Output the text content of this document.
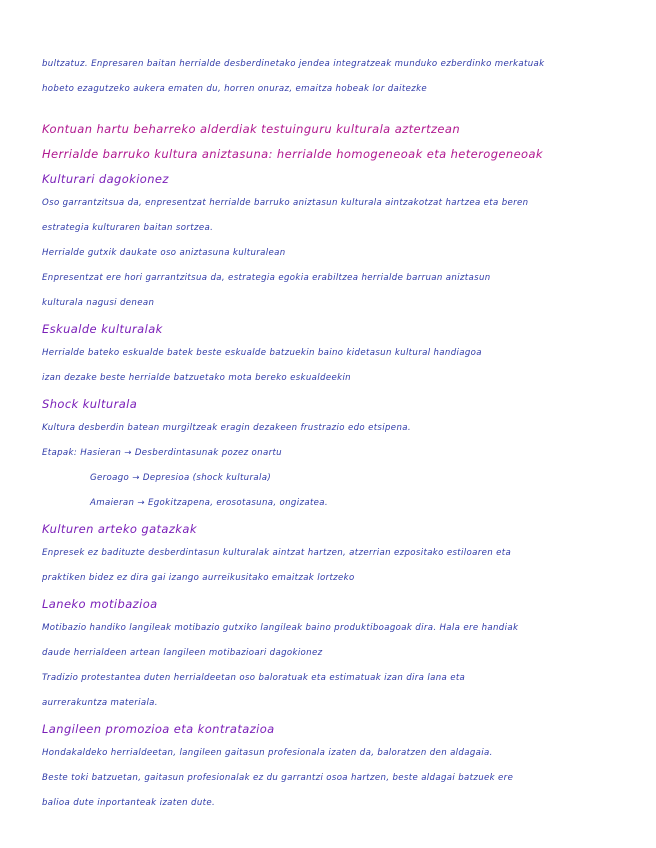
bultzatuz. Enpresaren baitan herrialde desberdinetako jendea integratzeak munduko ezberdinko merkatuak
hobeto ezagutzeko aukera ematen du, horren onuraz, emaitza hobeak lor daitezke
Kontuan hartu beharreko alderdiak testuinguru kulturala aztertzean
Herrialde barruko kultura aniztasuna: herrialde homogeneoak eta heterogeneoak
Kulturari dagokionez
Oso garrantzitsua da, enpresentzat herrialde barruko aniztasun kulturala aintzakotzat hartzea eta beren
estrategia kulturaren baitan sortzea.
Herrialde gutxik daukate oso aniztasuna kulturalean
Enpresentzat ere hori garrantzitsua da, estrategia egokia erabiltzea herrialde barruan aniztasun
kulturala nagusi denean
Eskualde kulturalak
Herrialde bateko eskualde batek beste eskualde batzuekin baino kidetasun kultural handiagoa
izan dezake beste herrialde batzuetako mota bereko eskualdeekin
Shock kulturala
Kultura desberdin batean murgiltzeak eragin dezakeen frustrazio edo etsipena.
Etapak: Hasieran → Desberdintasunak pozez onartu
Geroago → Depresioa (shock kulturala)
Amaieran → Egokitzapena, erosotasuna, ongizatea.
Kulturen arteko gatazkak
Enpresek ez badituzte desberdintasun kulturalak aintzat hartzen, atzerrian ezpositako estiloaren eta
praktiken bidez ez dira gai izango aurreikusitako emaitzak lortzeko
Laneko motibazioa
Motibazio handiko langileak motibazio gutxiko langileak baino produktiboagoak dira. Hala ere handiak
daude herrialdeen artean langileen motibazioari dagokionez
Tradizio protestantea duten herrialdeetan oso baloratuak eta estimatuak izan dira lana eta
aurrerakuntza materiala.
Langileen promozioa eta kontratazioa
Hondakaldeko herrialdeetan, langileen gaitasun profesionala izaten da, baloratzen den aldagaia.
Beste toki batzuetan, gaitasun profesionalak ez du garrantzi osoa hartzen, beste aldagai batzuek ere
balioa dute inportanteak izaten dute.
